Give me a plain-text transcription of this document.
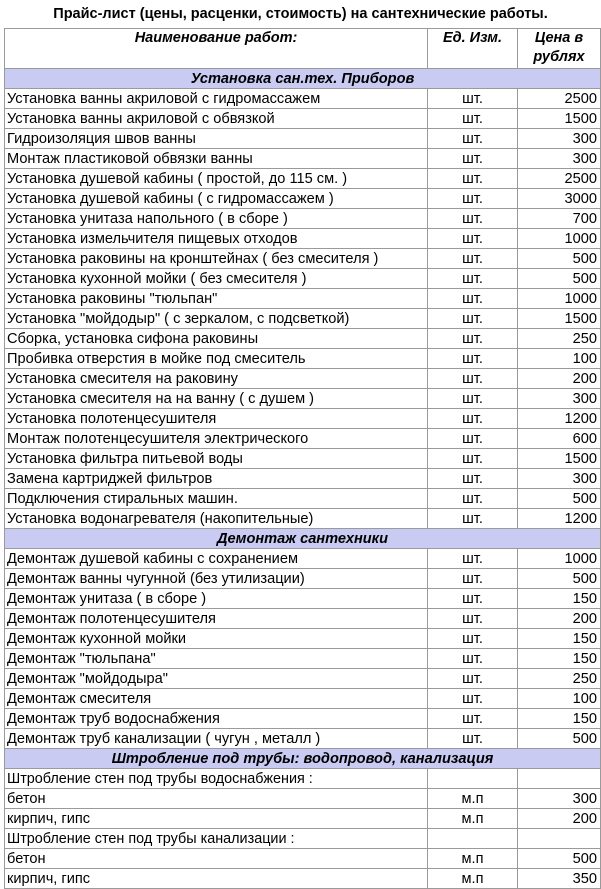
Прайс-лист (цены, расценки, стоимость) на сантехнические работы.
Наименование работ:	Ед. Изм.	Цена в
рублях

Установка сан.тех. Приборов		
Установка ванны акриловой с гидромассажем	шт.	2500
Установка ванны акриловой с обвязкой	шт.	1500
Гидроизоляция швов ванны	шт.	300
Монтаж пластиковой обвязки ванны	шт.	300
Установка душевой кабины ( простой, до 115 см. )	шт.	2500
Установка душевой кабины ( с гидромассажем )	шт.	3000
Установка унитаза напольного ( в сборе )	шт.	700
Установка измельчителя пищевых отходов	шт.	1000
Установка раковины на кронштейнах ( без смесителя )	шт.	500
Установка кухонной мойки ( без смесителя )	шт.	500
Установка раковины "тюльпан"	шт.	1000
Установка "мойдодыр" ( с зеркалом, с подсветкой)	шт.	1500
Сборка, установка сифона раковины	шт.	250
Пробивка отверстия в мойке под смеситель	шт.	100
Установка смесителя на раковину	шт.	200
Установка смесителя на на ванну ( с душем )	шт.	300
Установка полотенцесушителя	шт.	1200
Монтаж полотенцесушителя электрического	шт.	600
Установка фильтра питьевой воды	шт.	1500
Замена картриджей фильтров	шт.	300
Подключения стиральных машин.	шт.	500
Установка водонагревателя (накопительные)	шт.	1200
Демонтаж сантехники		
Демонтаж душевой кабины с сохранением	шт.	1000
Демонтаж ванны чугунной (без утилизации)	шт.	500
Демонтаж унитаза ( в сборе )	шт.	150
Демонтаж полотенцесушителя	шт.	200
Демонтаж кухонной мойки	шт.	150
Демонтаж "тюльпана"	шт.	150
Демонтаж "мойдодыра"	шт.	250
Демонтаж смесителя	шт.	100
Демонтаж труб водоснабжения	шт.	150
Демонтаж труб канализации ( чугун , металл )	шт.	500
Штробление под трубы: водопровод, канализация		
Штробление стен под трубы водоснабжения :		
бетон	м.п	300
кирпич, гипс	м.п	200
Штробление стен под трубы канализации :		
бетон	м.п	500
кирпич, гипс	м.п	350
